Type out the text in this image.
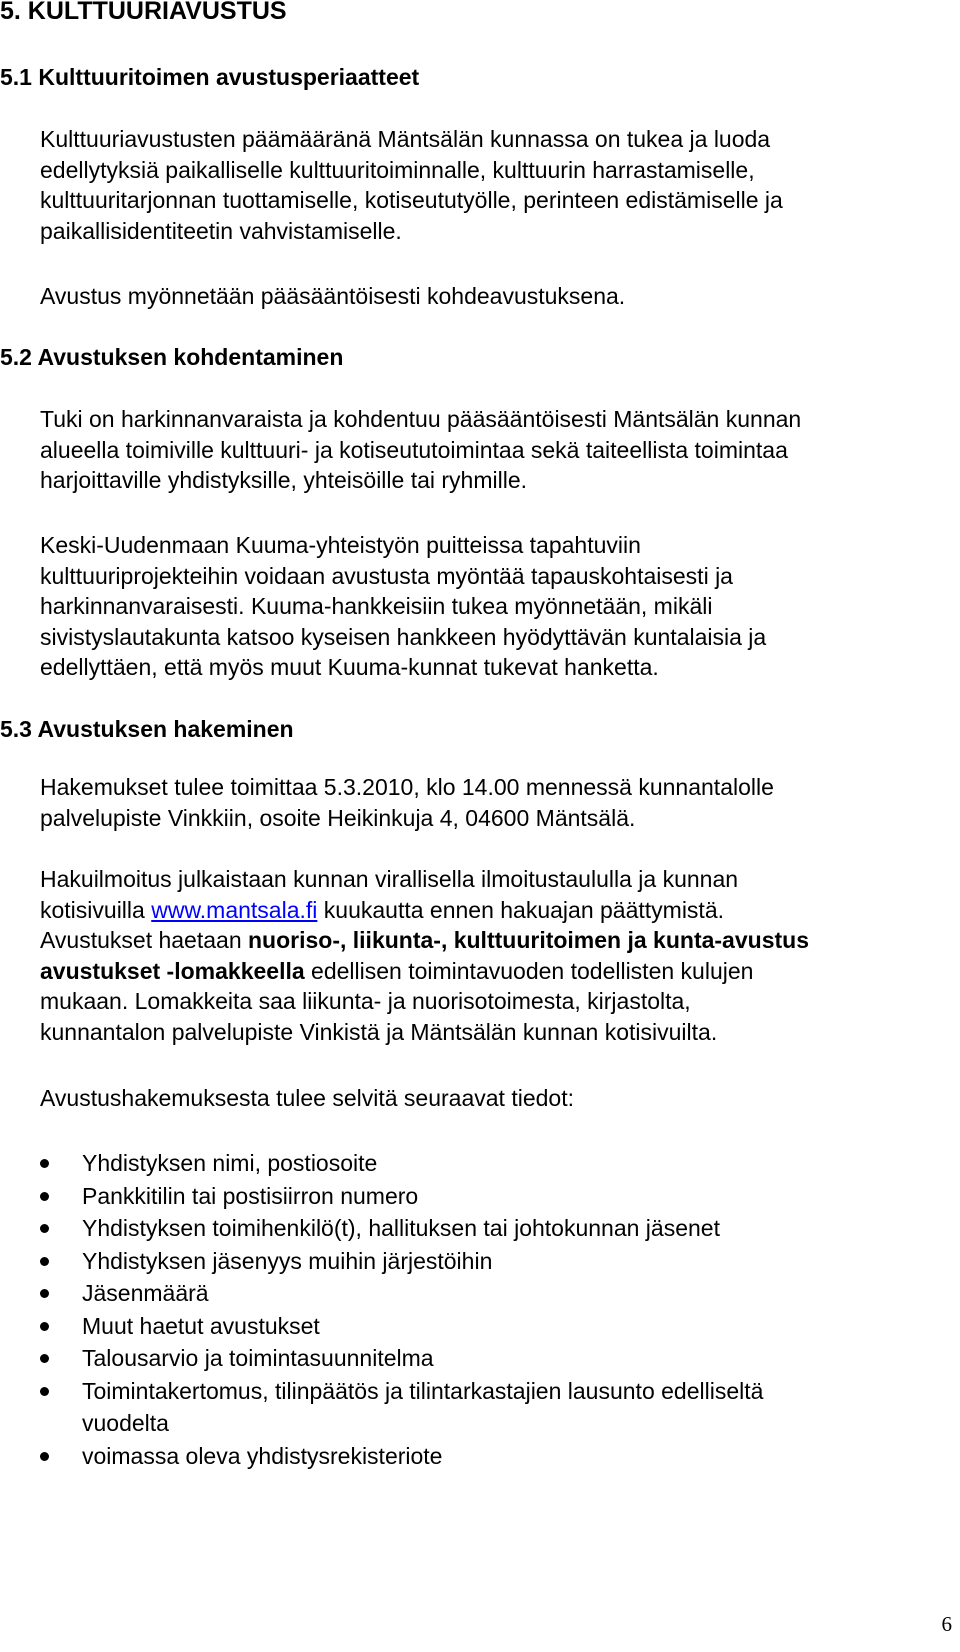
5. KULTTUURIAVUSTUS
5.1 Kulttuuritoimen avustusperiaatteet
Kulttuuriavustusten päämääränä Mäntsälän kunnassa on tukea ja luoda
edellytyksiä paikalliselle kulttuuritoiminnalle, kulttuurin harrastamiselle,
kulttuuritarjonnan tuottamiselle, kotiseututyölle, perinteen edistämiselle ja
paikallisidentiteetin vahvistamiselle.
Avustus myönnetään pääsääntöisesti kohdeavustuksena.
5.2 Avustuksen kohdentaminen
Tuki on harkinnanvaraista ja kohdentuu pääsääntöisesti Mäntsälän kunnan
alueella toimiville kulttuuri- ja kotiseututoimintaa sekä taiteellista toimintaa
harjoittaville yhdistyksille, yhteisöille tai ryhmille.
Keski-Uudenmaan Kuuma-yhteistyön puitteissa tapahtuviin
kulttuuriprojekteihin voidaan avustusta myöntää tapauskohtaisesti ja
harkinnanvaraisesti. Kuuma-hankkeisiin tukea myönnetään, mikäli
sivistyslautakunta katsoo kyseisen hankkeen hyödyttävän kuntalaisia ja
edellyttäen, että myös muut Kuuma-kunnat tukevat hanketta.
5.3 Avustuksen hakeminen
Hakemukset tulee toimittaa 5.3.2010, klo 14.00 mennessä kunnantalolle
palvelupiste Vinkkiin, osoite Heikinkuja 4, 04600 Mäntsälä.
Hakuilmoitus julkaistaan kunnan virallisella ilmoitustaululla ja kunnan
kotisivuilla www.mantsala.fi kuukautta ennen hakuajan päättymistä.
Avustukset haetaan nuoriso-, liikunta-, kulttuuritoimen ja kunta-avustus
avustukset -lomakkeella edellisen toimintavuoden todellisten kulujen
mukaan. Lomakkeita saa liikunta- ja nuorisotoimesta, kirjastolta,
kunnantalon palvelupiste Vinkistä ja Mäntsälän kunnan kotisivuilta.
Avustushakemuksesta tulee selvitä seuraavat tiedot:
Yhdistyksen nimi, postiosoite
Pankkitilin tai postisiirron numero
Yhdistyksen toimihenkilö(t), hallituksen tai johtokunnan jäsenet
Yhdistyksen jäsenyys muihin järjestöihin
Jäsenmäärä
Muut haetut avustukset
Talousarvio ja toimintasuunnitelma
Toimintakertomus, tilinpäätös ja tilintarkastajien lausunto edelliseltä
vuodelta
voimassa oleva yhdistysrekisteriote
6
